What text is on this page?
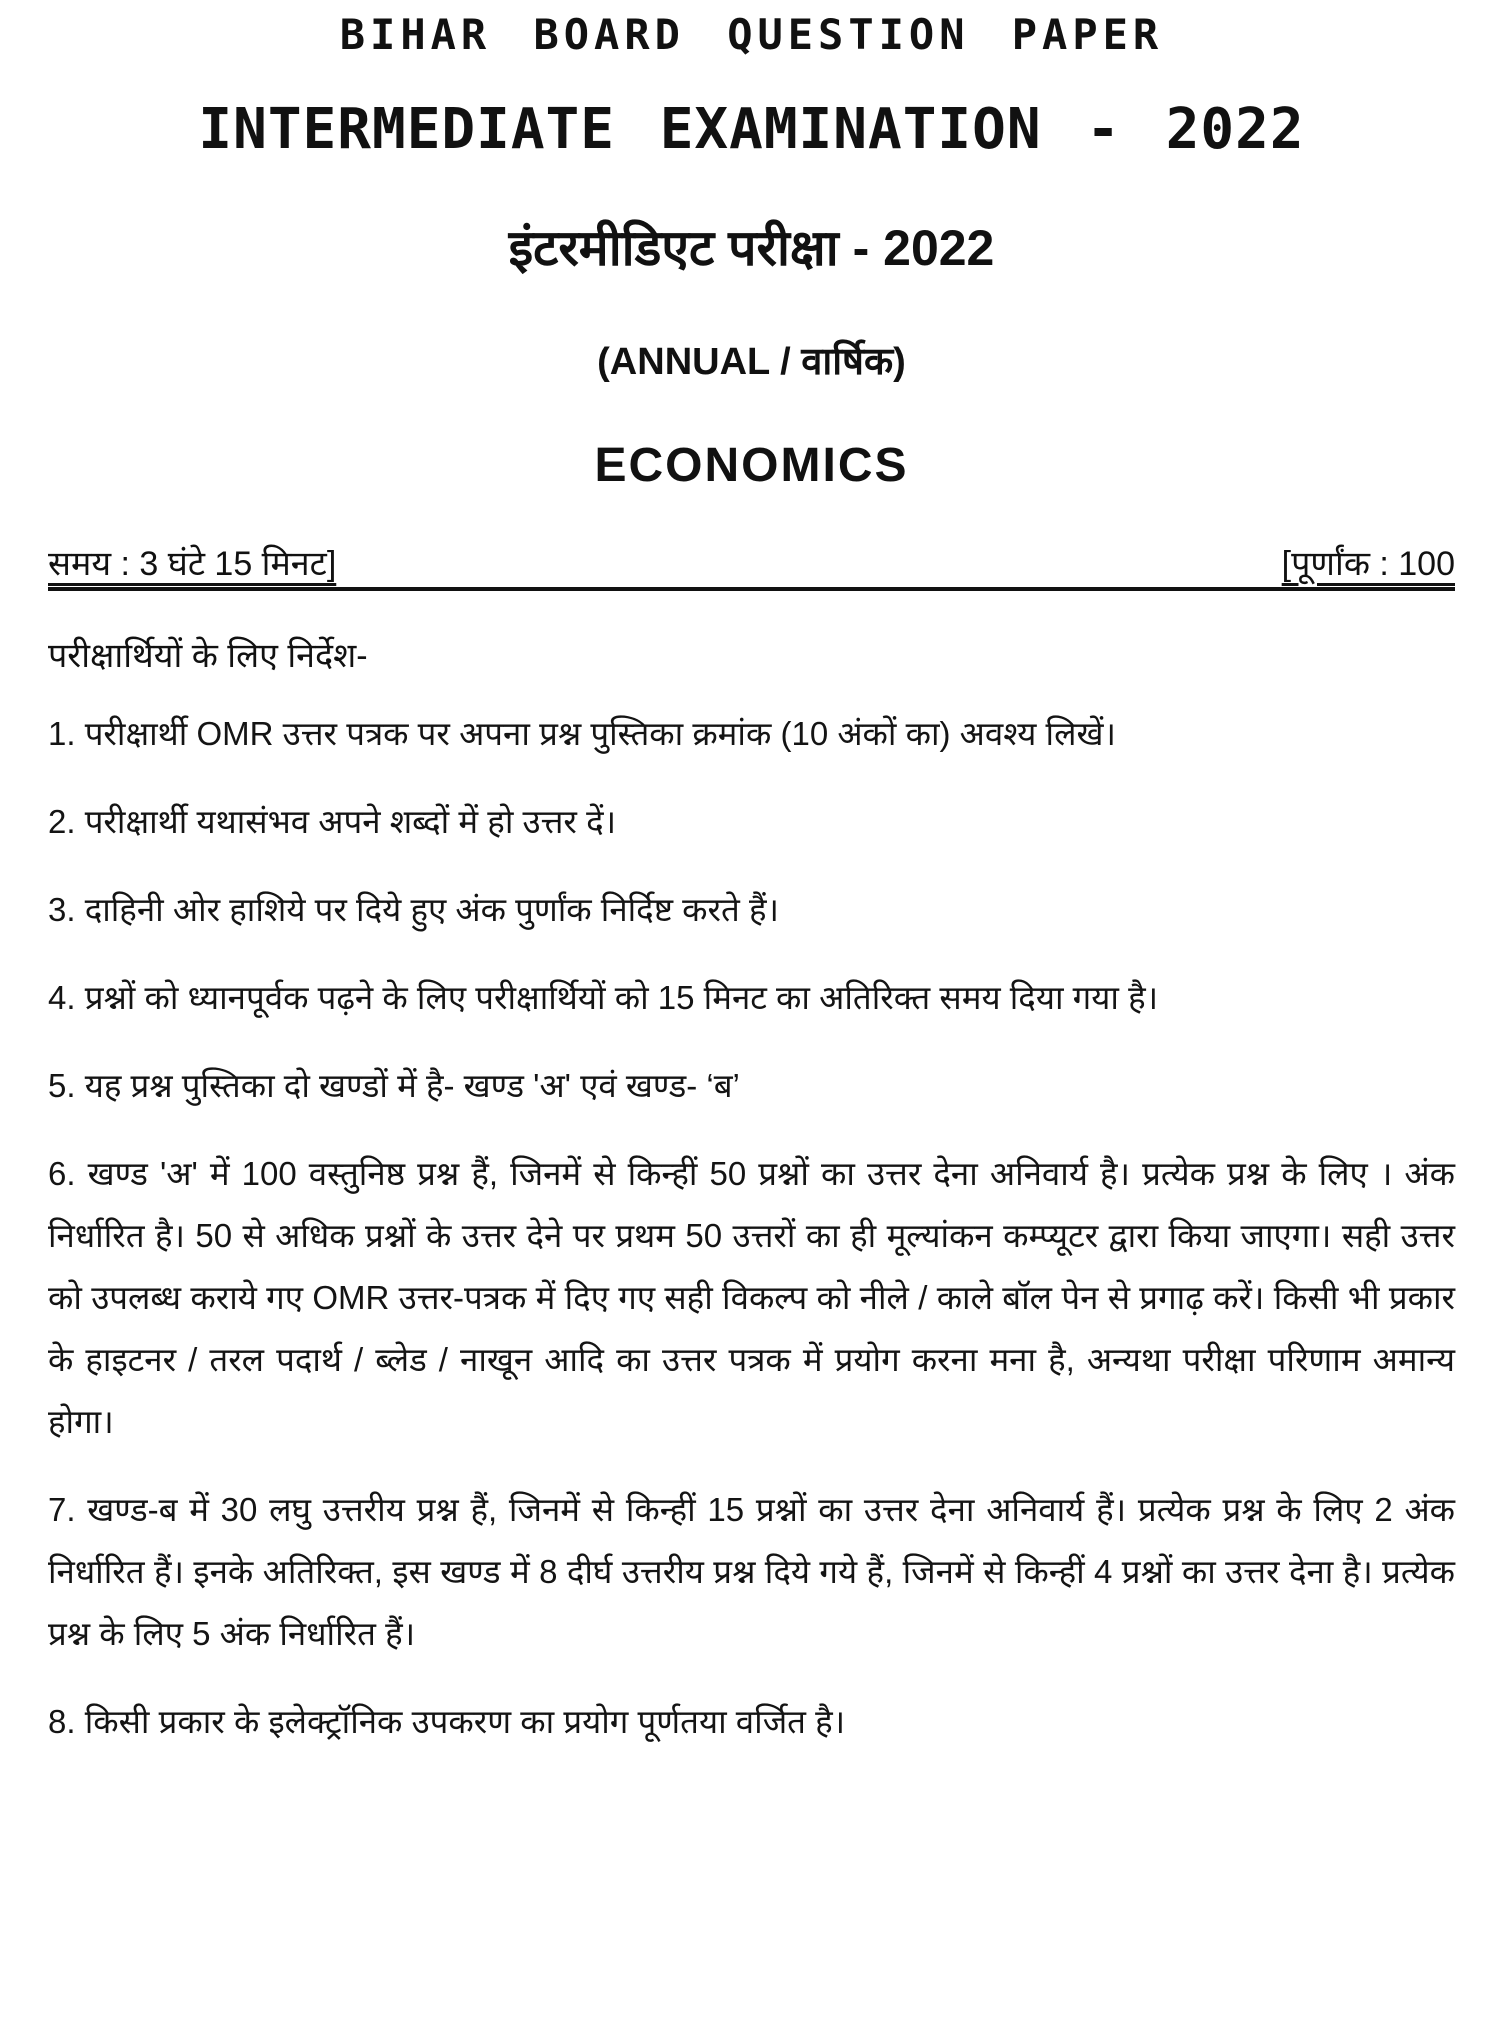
BIHAR BOARD QUESTION PAPER
INTERMEDIATE EXAMINATION - 2022
इंटरमीडिएट परीक्षा - 2022
(ANNUAL / वार्षिक)
ECONOMICS
समय : 3 घंटे 15 मिनट]	[पूर्णांक : 100
परीक्षार्थियों के लिए निर्देश-

1. परीक्षार्थी OMR उत्तर पत्रक पर अपना प्रश्न पुस्तिका क्रमांक (10 अंकों का) अवश्य लिखें।

2. परीक्षार्थी यथासंभव अपने शब्दों में हो उत्तर दें।

3. दाहिनी ओर हाशिये पर दिये हुए अंक पुर्णांक निर्दिष्ट करते हैं।

4. प्रश्नों को ध्यानपूर्वक पढ़ने के लिए परीक्षार्थियों को 15 मिनट का अतिरिक्त समय दिया गया है।

5. यह प्रश्न पुस्तिका दो खण्डों में है- खण्ड 'अ' एवं खण्ड- ‘ब’

6. खण्ड 'अ' में 100 वस्तुनिष्ठ प्रश्न हैं, जिनमें से किन्हीं 50 प्रश्नों का उत्तर देना अनिवार्य है। प्रत्येक प्रश्न के लिए । अंक निर्धारित है। 50 से अधिक प्रश्नों के उत्तर देने पर प्रथम 50 उत्तरों का ही मूल्यांकन कम्प्यूटर द्वारा किया जाएगा। सही उत्तर को उपलब्ध कराये गए OMR उत्तर-पत्रक में दिए गए सही विकल्प को नीले / काले बॉल पेन से प्रगाढ़ करें। किसी भी प्रकार के हाइटनर / तरल पदार्थ / ब्लेड / नाखून आदि का उत्तर पत्रक में प्रयोग करना मना है, अन्यथा परीक्षा परिणाम अमान्य होगा।

7. खण्ड-ब में 30 लघु उत्तरीय प्रश्न हैं, जिनमें से किन्हीं 15 प्रश्नों का उत्तर देना अनिवार्य हैं। प्रत्येक प्रश्न के लिए 2 अंक निर्धारित हैं। इनके अतिरिक्त, इस खण्ड में 8 दीर्घ उत्तरीय प्रश्न दिये गये हैं, जिनमें से किन्हीं 4 प्रश्नों का उत्तर देना है। प्रत्येक प्रश्न के लिए 5 अंक निर्धारित हैं।

8. किसी प्रकार के इलेक्ट्रॉनिक उपकरण का प्रयोग पूर्णतया वर्जित है।
